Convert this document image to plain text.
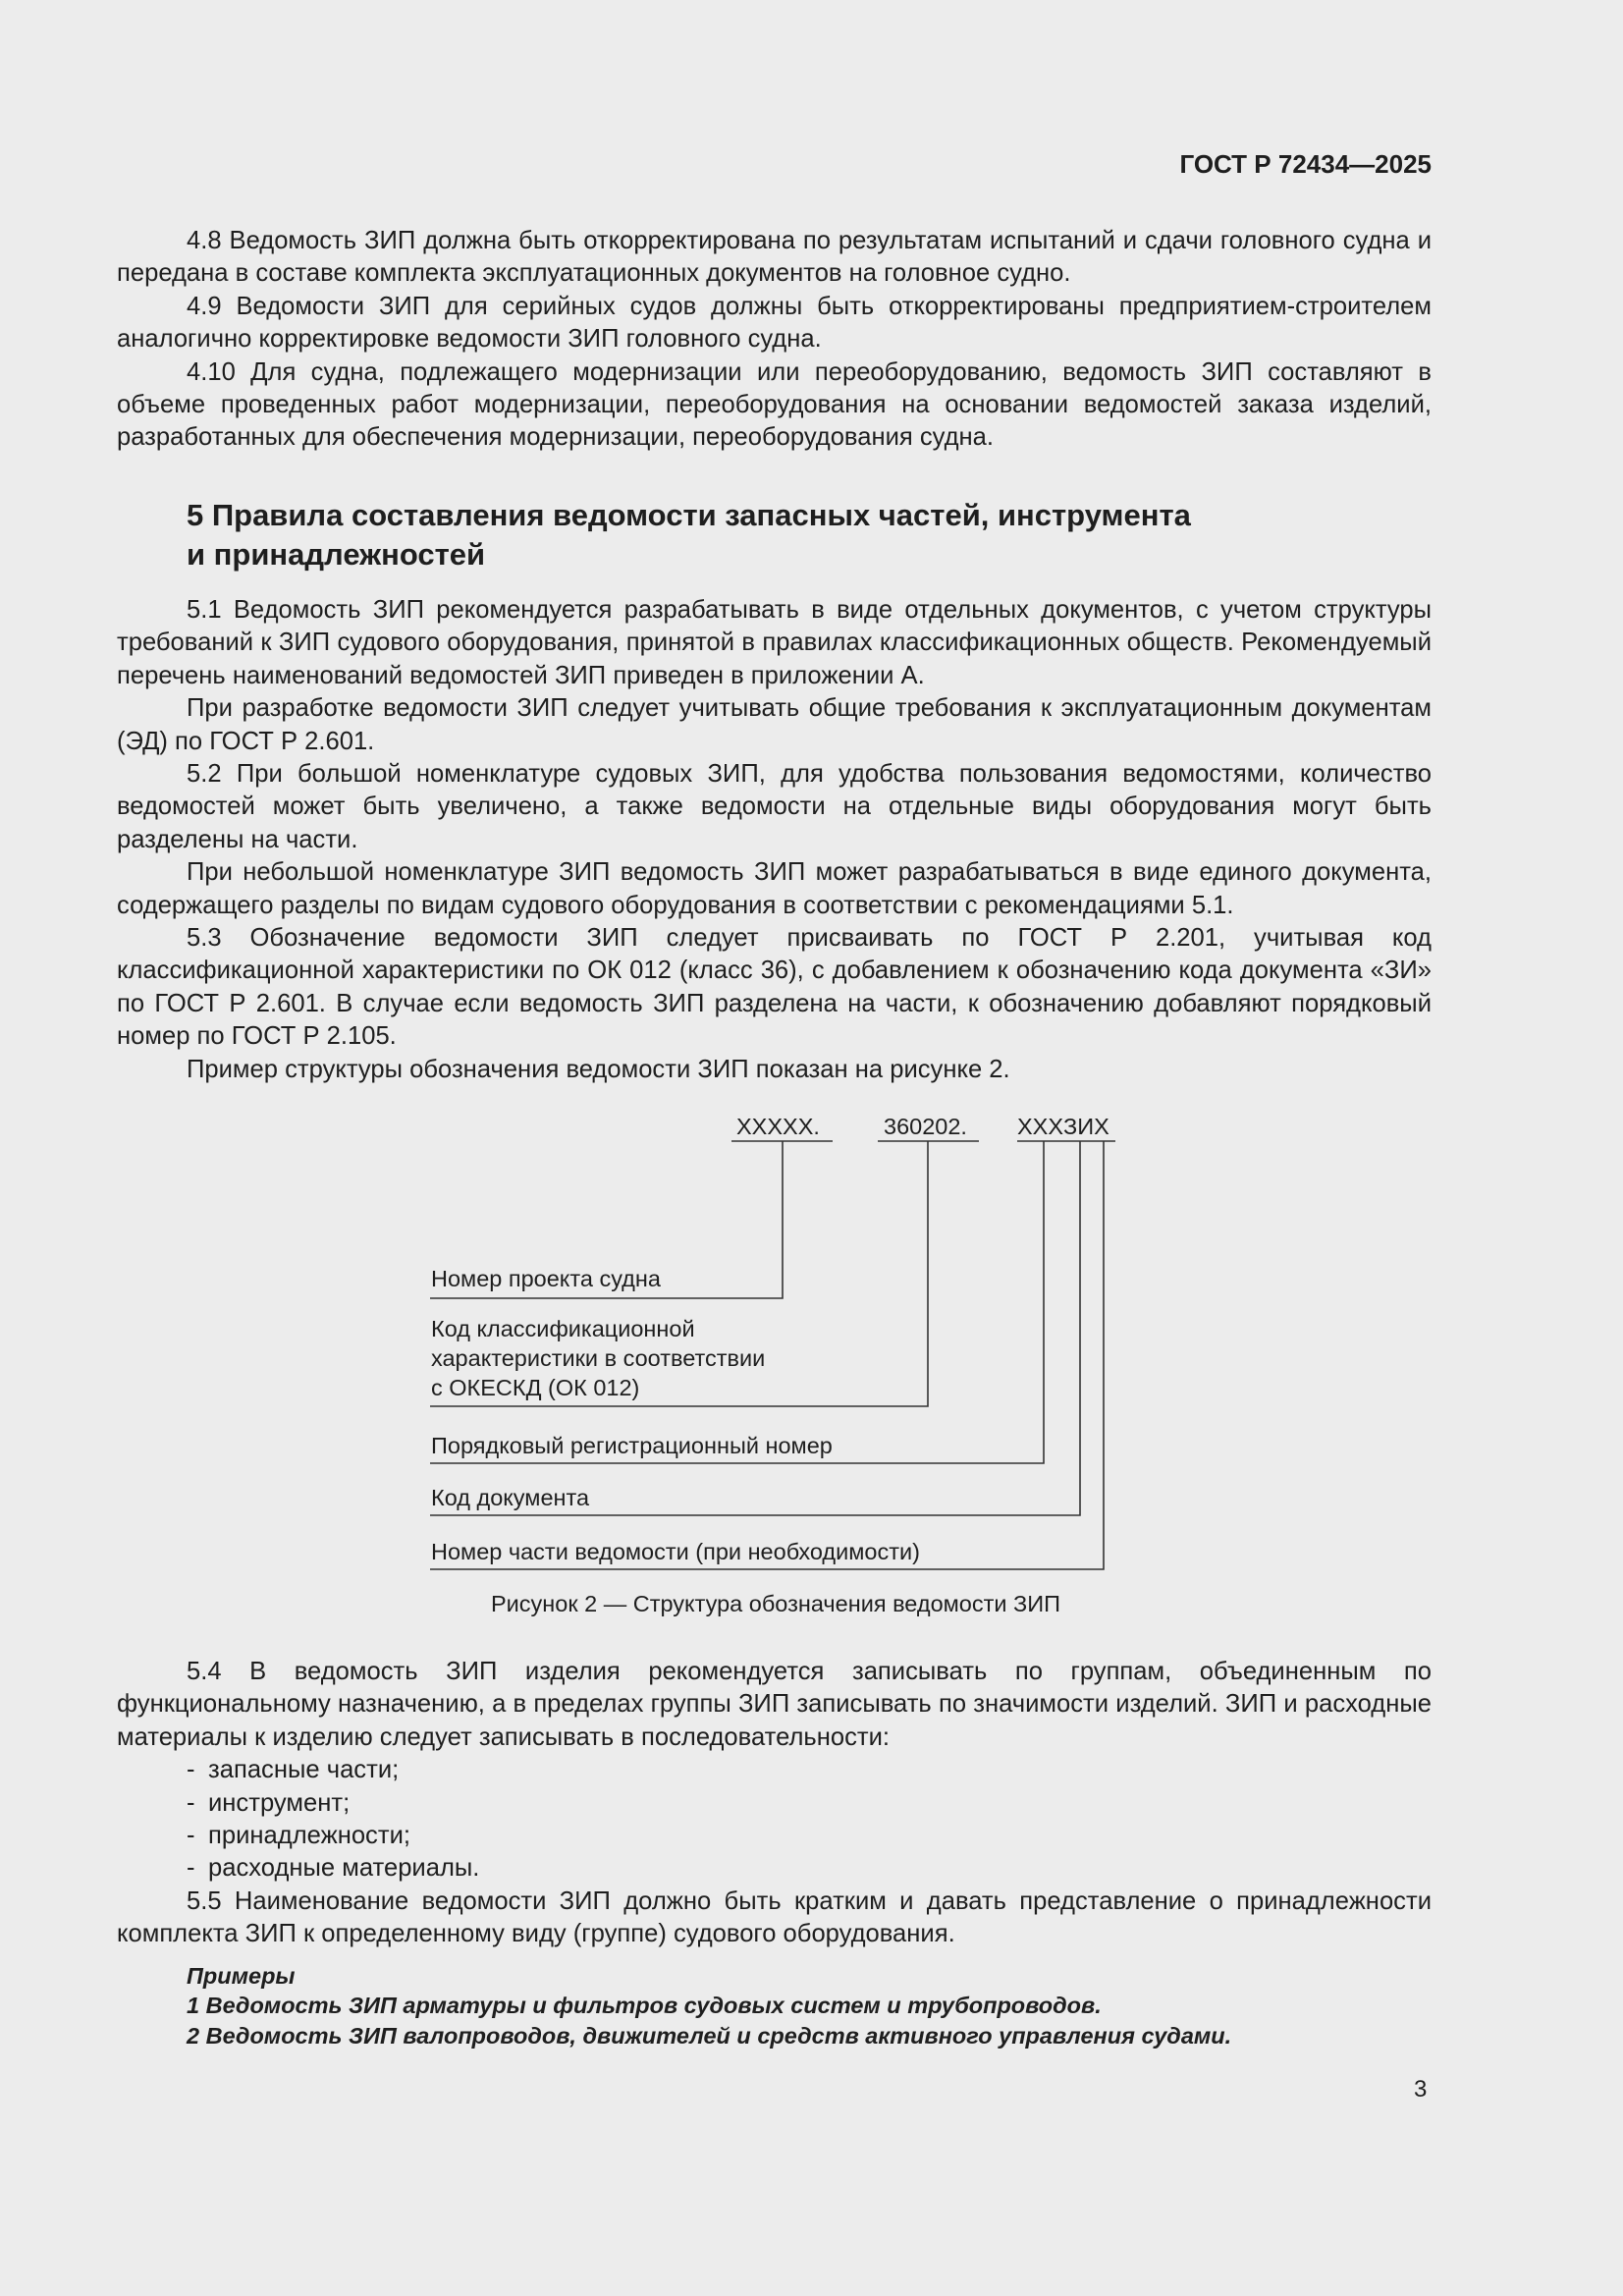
ГОСТ Р 72434—2025

4.8 Ведомость ЗИП должна быть откорректирована по результатам испытаний и сдачи головного судна и передана в составе комплекта эксплуатационных документов на головное судно.

4.9 Ведомости ЗИП для серийных судов должны быть откорректированы предприятием-строителем аналогично корректировке ведомости ЗИП головного судна.

4.10 Для судна, подлежащего модернизации или переоборудованию, ведомость ЗИП составляют в объеме проведенных работ модернизации, переоборудования на основании ведомостей заказа изделий, разработанных для обеспечения модернизации, переоборудования судна.

5 Правила составления ведомости запасных частей, инструмента
и принадлежностей

5.1 Ведомость ЗИП рекомендуется разрабатывать в виде отдельных документов, с учетом структуры требований к ЗИП судового оборудования, принятой в правилах классификационных обществ. Рекомендуемый перечень наименований ведомостей ЗИП приведен в приложении А.

При разработке ведомости ЗИП следует учитывать общие требования к эксплуатационным документам (ЭД) по ГОСТ Р 2.601.

5.2 При большой номенклатуре судовых ЗИП, для удобства пользования ведомостями, количество ведомостей может быть увеличено, а также ведомости на отдельные виды оборудования могут быть разделены на части.

При небольшой номенклатуре ЗИП ведомость ЗИП может разрабатываться в виде единого документа, содержащего разделы по видам судового оборудования в соответствии с рекомендациями 5.1.

5.3 Обозначение ведомости ЗИП следует присваивать по ГОСТ Р 2.201, учитывая код классификационной характеристики по ОК 012 (класс 36), с добавлением к обозначению кода документа «ЗИ» по ГОСТ Р 2.601. В случае если ведомость ЗИП разделена на части, к обозначению добавляют порядковый номер по ГОСТ Р 2.105.

Пример структуры обозначения ведомости ЗИП показан на рисунке 2.

XXXXX.	360202. XXXЗИХ
Номер проекта судна
Код классификационной
характеристики в соответствии
с ОКЕСКД (ОК 012)
Порядковый регистрационный номер
Код документа
Номер части ведомости (при необходимости)
Рисунок 2 — Структура обозначения ведомости ЗИП

5.4 В ведомость ЗИП изделия рекомендуется записывать по группам, объединенным по функциональному назначению, а в пределах группы ЗИП записывать по значимости изделий. ЗИП и расходные материалы к изделию следует записывать в последовательности:

- запасные части;
- инструмент;
- принадлежности;
- расходные материалы.

5.5 Наименование ведомости ЗИП должно быть кратким и давать представление о принадлежности комплекта ЗИП к определенному виду (группе) судового оборудования.

Примеры
1 Ведомость ЗИП арматуры и фильтров судовых систем и трубопроводов.
2 Ведомость ЗИП валопроводов, движителей и средств активного управления судами.
3
